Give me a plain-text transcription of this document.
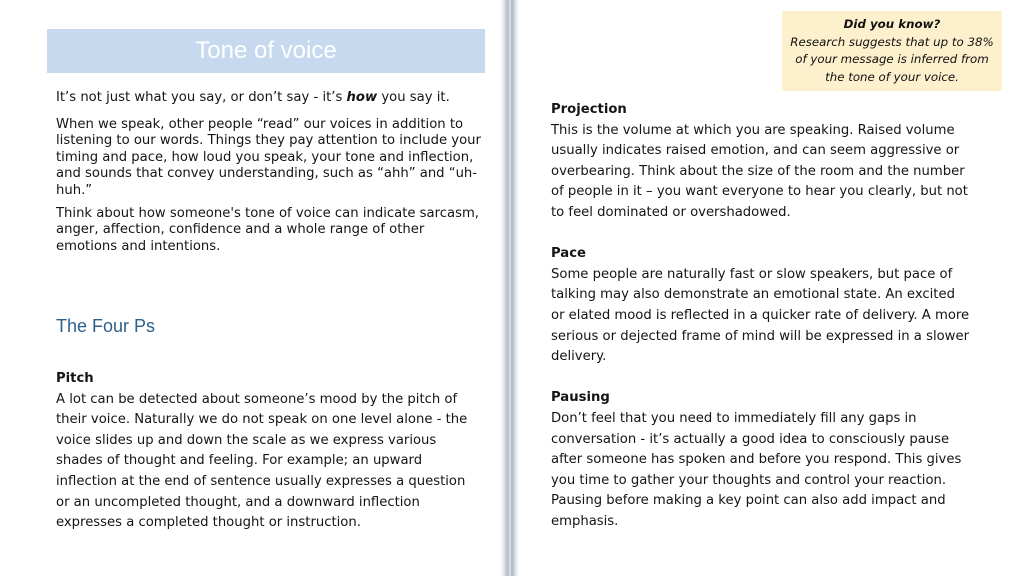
Tone of voice

It’s not just what you say, or don’t say - it’s how you say it.

When we speak, other people “read” our voices in addition to listening to our words. Things they pay attention to include your timing and pace, how loud you speak, your tone and inflection, and sounds that convey understanding, such as “ahh” and “uh-huh.”

Think about how someone's tone of voice can indicate sarcasm, anger, affection, confidence and a whole range of other emotions and intentions.

The Four Ps
Pitch
A lot can be detected about someone’s mood by the pitch of their voice. Naturally we do not speak on one level alone - the voice slides up and down the scale as we express various shades of thought and feeling. For example; an upward inflection at the end of sentence usually expresses a question or an uncompleted thought, and a downward inflection expresses a completed thought or instruction.
Did you know?
Research suggests that up to 38% of your message is inferred from the tone of your voice.
Projection
This is the volume at which you are speaking. Raised volume usually indicates raised emotion, and can seem aggressive or overbearing. Think about the size of the room and the number of people in it – you want everyone to hear you clearly, but not to feel dominated or overshadowed.
Pace
Some people are naturally fast or slow speakers, but pace of talking may also demonstrate an emotional state. An excited or elated mood is reflected in a quicker rate of delivery. A more serious or dejected frame of mind will be expressed in a slower delivery.
Pausing
Don’t feel that you need to immediately fill any gaps in conversation - it’s actually a good idea to consciously pause after someone has spoken and before you respond. This gives you time to gather your thoughts and control your reaction. Pausing before making a key point can also add impact and emphasis.
